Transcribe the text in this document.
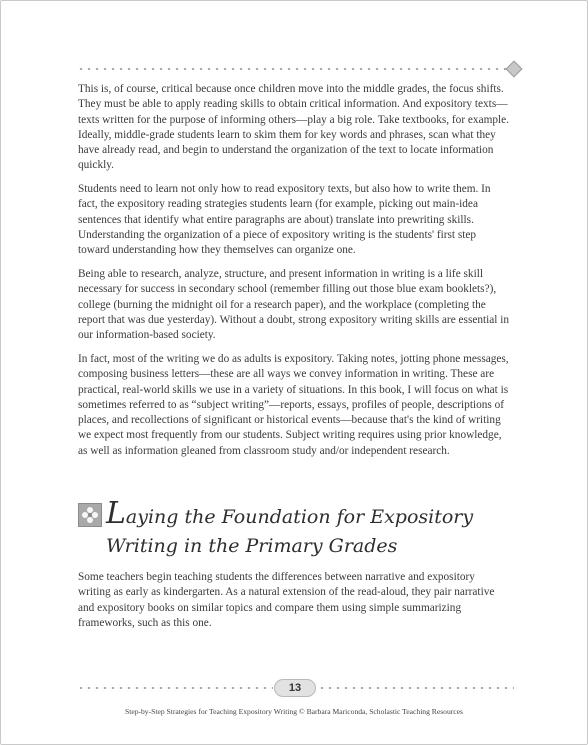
This is, of course, critical because once children move into the middle grades, the focus shifts. They must be able to apply reading skills to obtain critical information. And expository texts—texts written for the purpose of informing others—play a big role. Take textbooks, for example. Ideally, middle-grade students learn to skim them for key words and phrases, scan what they have already read, and begin to understand the organization of the text to locate information quickly.

Students need to learn not only how to read expository texts, but also how to write them. In fact, the expository reading strategies students learn (for example, picking out main-idea sentences that identify what entire paragraphs are about) translate into prewriting skills. Understanding the organization of a piece of expository writing is the students' first step toward understanding how they themselves can organize one.

Being able to research, analyze, structure, and present information in writing is a life skill necessary for success in secondary school (remember filling out those blue exam booklets?), college (burning the midnight oil for a research paper), and the workplace (completing the report that was due yesterday). Without a doubt, strong expository writing skills are essential in our information-based society.

In fact, most of the writing we do as adults is expository. Taking notes, jotting phone messages, composing business letters—these are all ways we convey information in writing. These are practical, real-world skills we use in a variety of situations. In this book, I will focus on what is sometimes referred to as “subject writing”—reports, essays, profiles of people, descriptions of places, and recollections of significant or historical events—because that's the kind of writing we expect most frequently from our students. Subject writing requires using prior knowledge, as well as information gleaned from classroom study and/or independent research.

Laying the Foundation for Expository
Writing in the Primary Grades

Some teachers begin teaching students the differences between narrative and expository writing as early as kindergarten. As a natural extension of the read-aloud, they pair narrative and expository books on similar topics and compare them using simple summarizing frameworks, such as this one.

13
Step-by-Step Strategies for Teaching Expository Writing © Barbara Mariconda, Scholastic Teaching Resources
